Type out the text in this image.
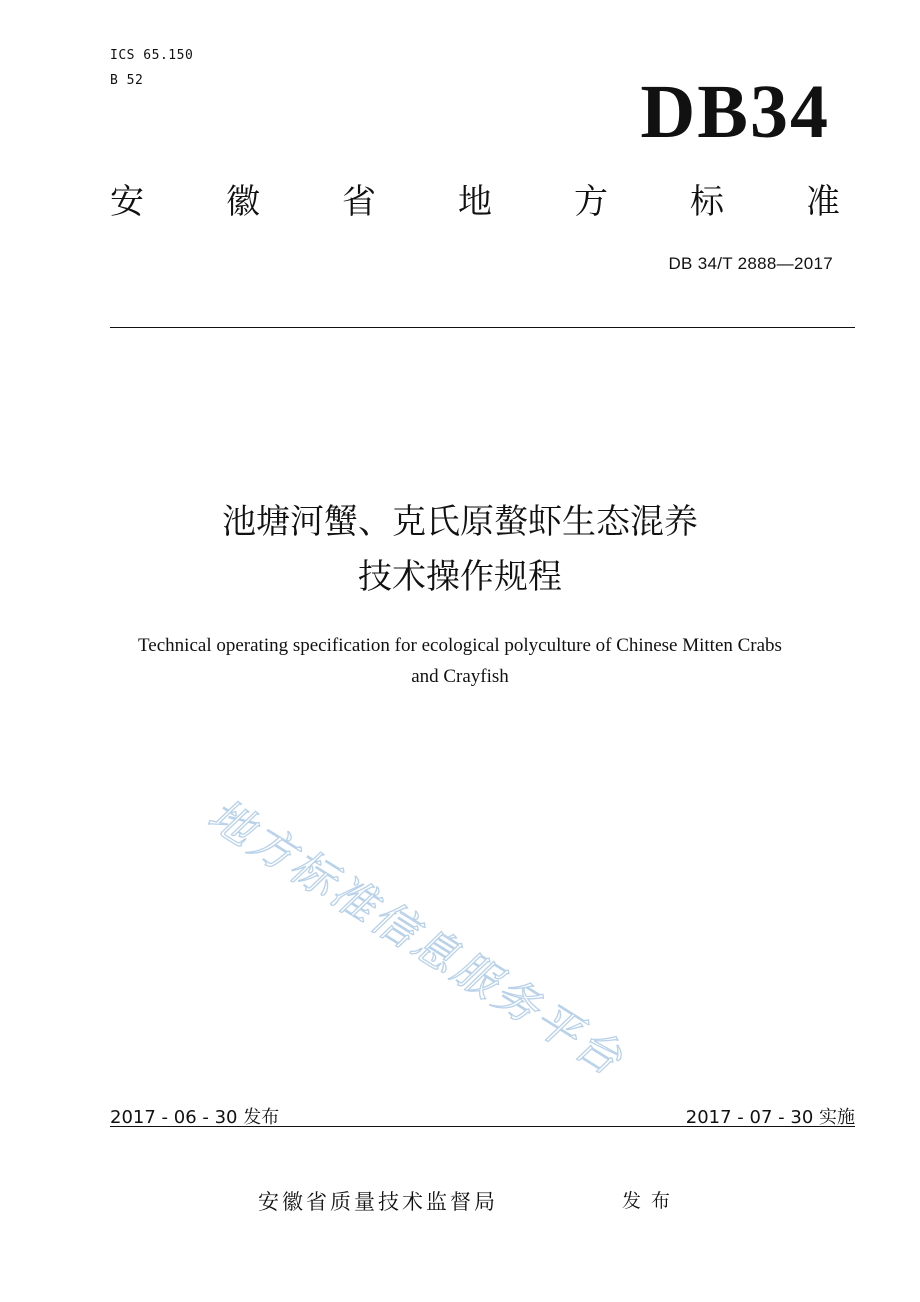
ICS 65.150
B 52	DB34
安 徽 省 地 方 标 准
DB 34/T 2888—2017
池塘河蟹、克氏原螯虾生态混养
技术操作规程
Technical operating specification for ecological polyculture of Chinese Mitten Crabs
and Crayfish
地方标准信息服务平台
2017 - 06 - 30 发布	2017 - 07 - 30 实施
安徽省质量技术监督局	发布
